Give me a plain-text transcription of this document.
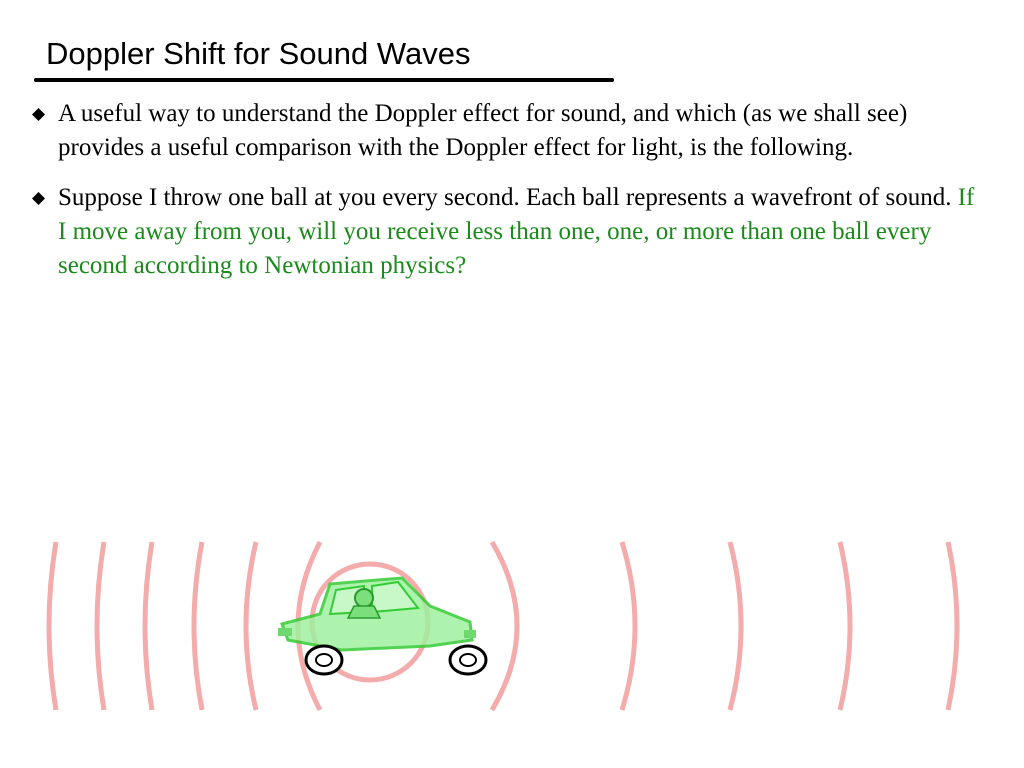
Doppler Shift for Sound Waves
A useful way to understand the Doppler effect for sound, and which (as we shall see) provides a useful comparison with the Doppler effect for light, is the following.
Suppose I throw one ball at you every second. Each ball represents a wavefront of sound. If I move away from you, will you receive less than one, one, or more than one ball every second according to Newtonian physics?
